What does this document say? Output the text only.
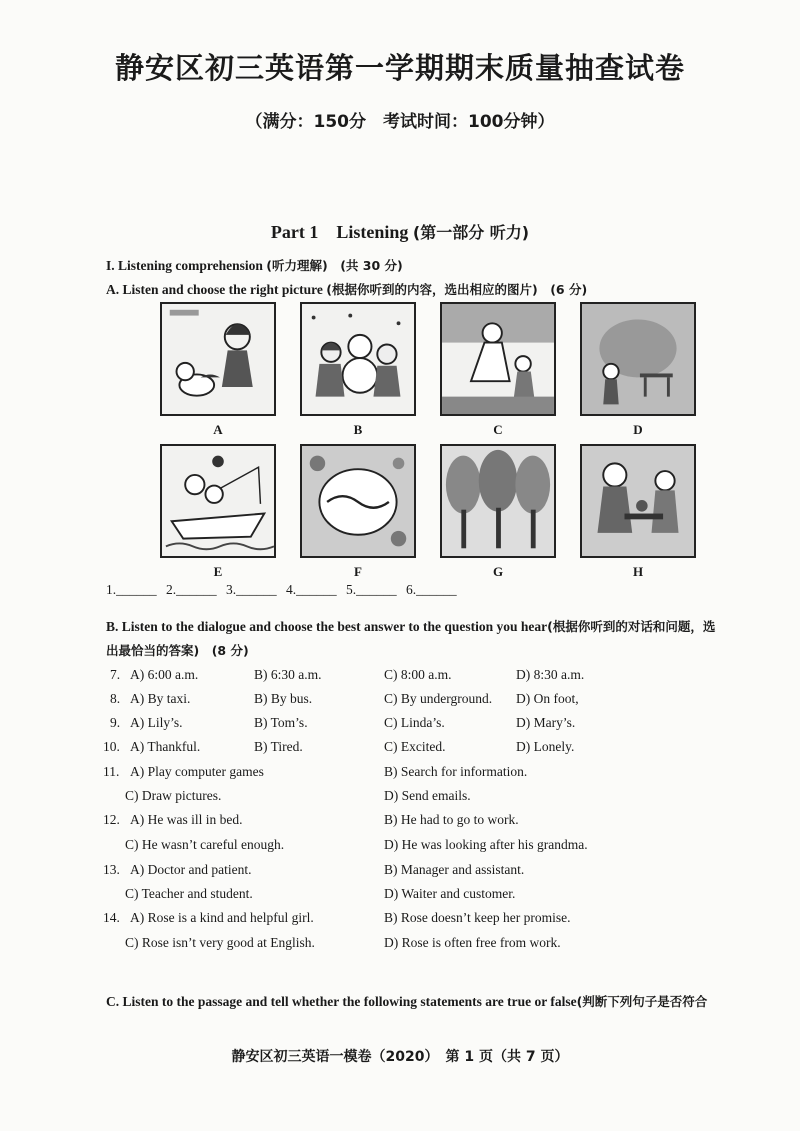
静安区初三英语第一学期期末质量抽查试卷
（满分：150分　考试时间：100分钟）
Part 1　Listening (第一部分 听力)
I. Listening comprehension (听力理解)　(共 30 分)
A. Listen and choose the right picture (根据你听到的内容，选出相应的图片)　(6 分)
A	B	C	D
E	F	G	H
1.______ 2.______ 3.______ 4.______ 5.______ 6.______
B. Listen to the dialogue and choose the best answer to the question you hear(根据你听到的对话和问题，选
出最恰当的答案)　(8 分)
7. A) 6:00 a.m.	B) 6:30 a.m.	C) 8:00 a.m.	D) 8:30 a.m.
8. A) By taxi.	B) By bus.	C) By underground. D) On foot,
9. A) Lily’s.	B) Tom’s.	C) Linda’s.	D) Mary’s.
10. A) Thankful.	B) Tired.	C) Excited.	D) Lonely.
11. A) Play computer games	B) Search for information.
C) Draw pictures.	D) Send emails.
12. A) He was ill in bed.	B) He had to go to work.
C) He wasn’t careful enough.	D) He was looking after his grandma.
13. A) Doctor and patient.	B) Manager and assistant.
C) Teacher and student.	D) Waiter and customer.
14. A) Rose is a kind and helpful girl.	B) Rose doesn’t keep her promise.
C) Rose isn’t very good at English.	D) Rose is often free from work.
C. Listen to the passage and tell whether the following statements are true or false(判断下列句子是否符合
静安区初三英语一模卷（2020）　第 1 页（共 7 页）
